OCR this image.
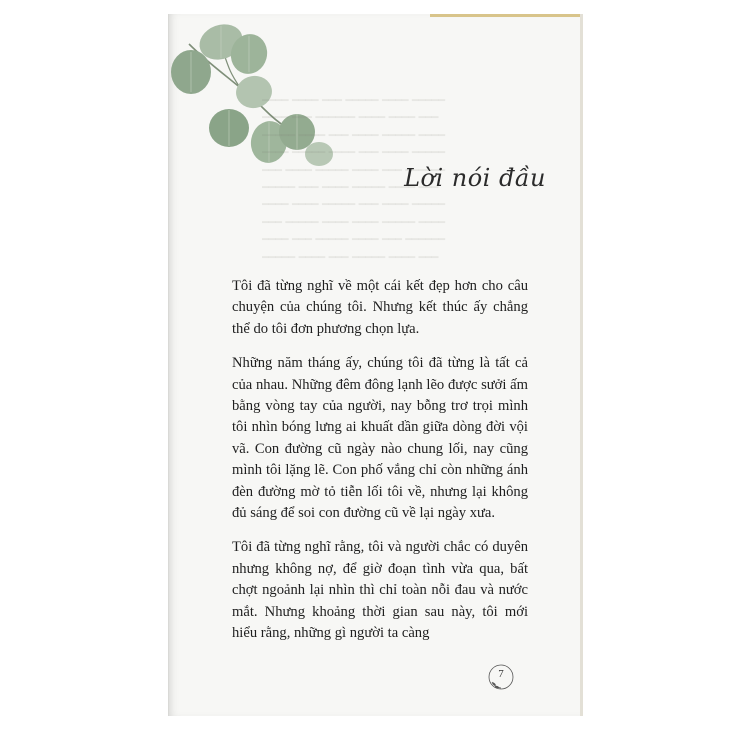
━━━━ ━━━━ ━━━ ━━━━━ ━━━━ ━━━━━
━━━━ ━━━ ━━━━━━ ━━━━ ━━━━ ━━━
━━━━━ ━━━━ ━━━ ━━━━ ━━━━━ ━━━━
━━━━ ━━━━━ ━━━━ ━━━ ━━━━ ━━━━━
━━━ ━━━━ ━━━━━ ━━━━ ━━━ ━━━━━━
━━━━━ ━━━ ━━━━ ━━━━━ ━━━━ ━━━
━━━━ ━━━━ ━━━━━ ━━━ ━━━━ ━━━━━
━━━ ━━━━━ ━━━━ ━━━━ ━━━━━ ━━━━
━━━━ ━━━ ━━━━━ ━━━━ ━━━ ━━━━━━
━━━━━ ━━━━ ━━━ ━━━━━ ━━━━ ━━━
Lời nói đầu

Tôi đã từng nghĩ về một cái kết đẹp hơn cho câu chuyện của chúng tôi. Nhưng kết thúc ấy chẳng thể do tôi đơn phương chọn lựa.

Những năm tháng ấy, chúng tôi đã từng là tất cả của nhau. Những đêm đông lạnh lẽo được sưởi ấm bằng vòng tay của người, nay bỗng trơ trọi mình tôi nhìn bóng lưng ai khuất dần giữa dòng đời vội vã. Con đường cũ ngày nào chung lối, nay cũng mình tôi lặng lẽ. Con phố vắng chỉ còn những ánh đèn đường mờ tỏ tiễn lối tôi về, nhưng lại không đủ sáng để soi con đường cũ về lại ngày xưa.

Tôi đã từng nghĩ rằng, tôi và người chắc có duyên nhưng không nợ, để giờ đoạn tình vừa qua, bất chợt ngoảnh lại nhìn thì chỉ toàn nỗi đau và nước mắt. Nhưng khoảng thời gian sau này, tôi mới hiểu rằng, những gì người ta càng

7
